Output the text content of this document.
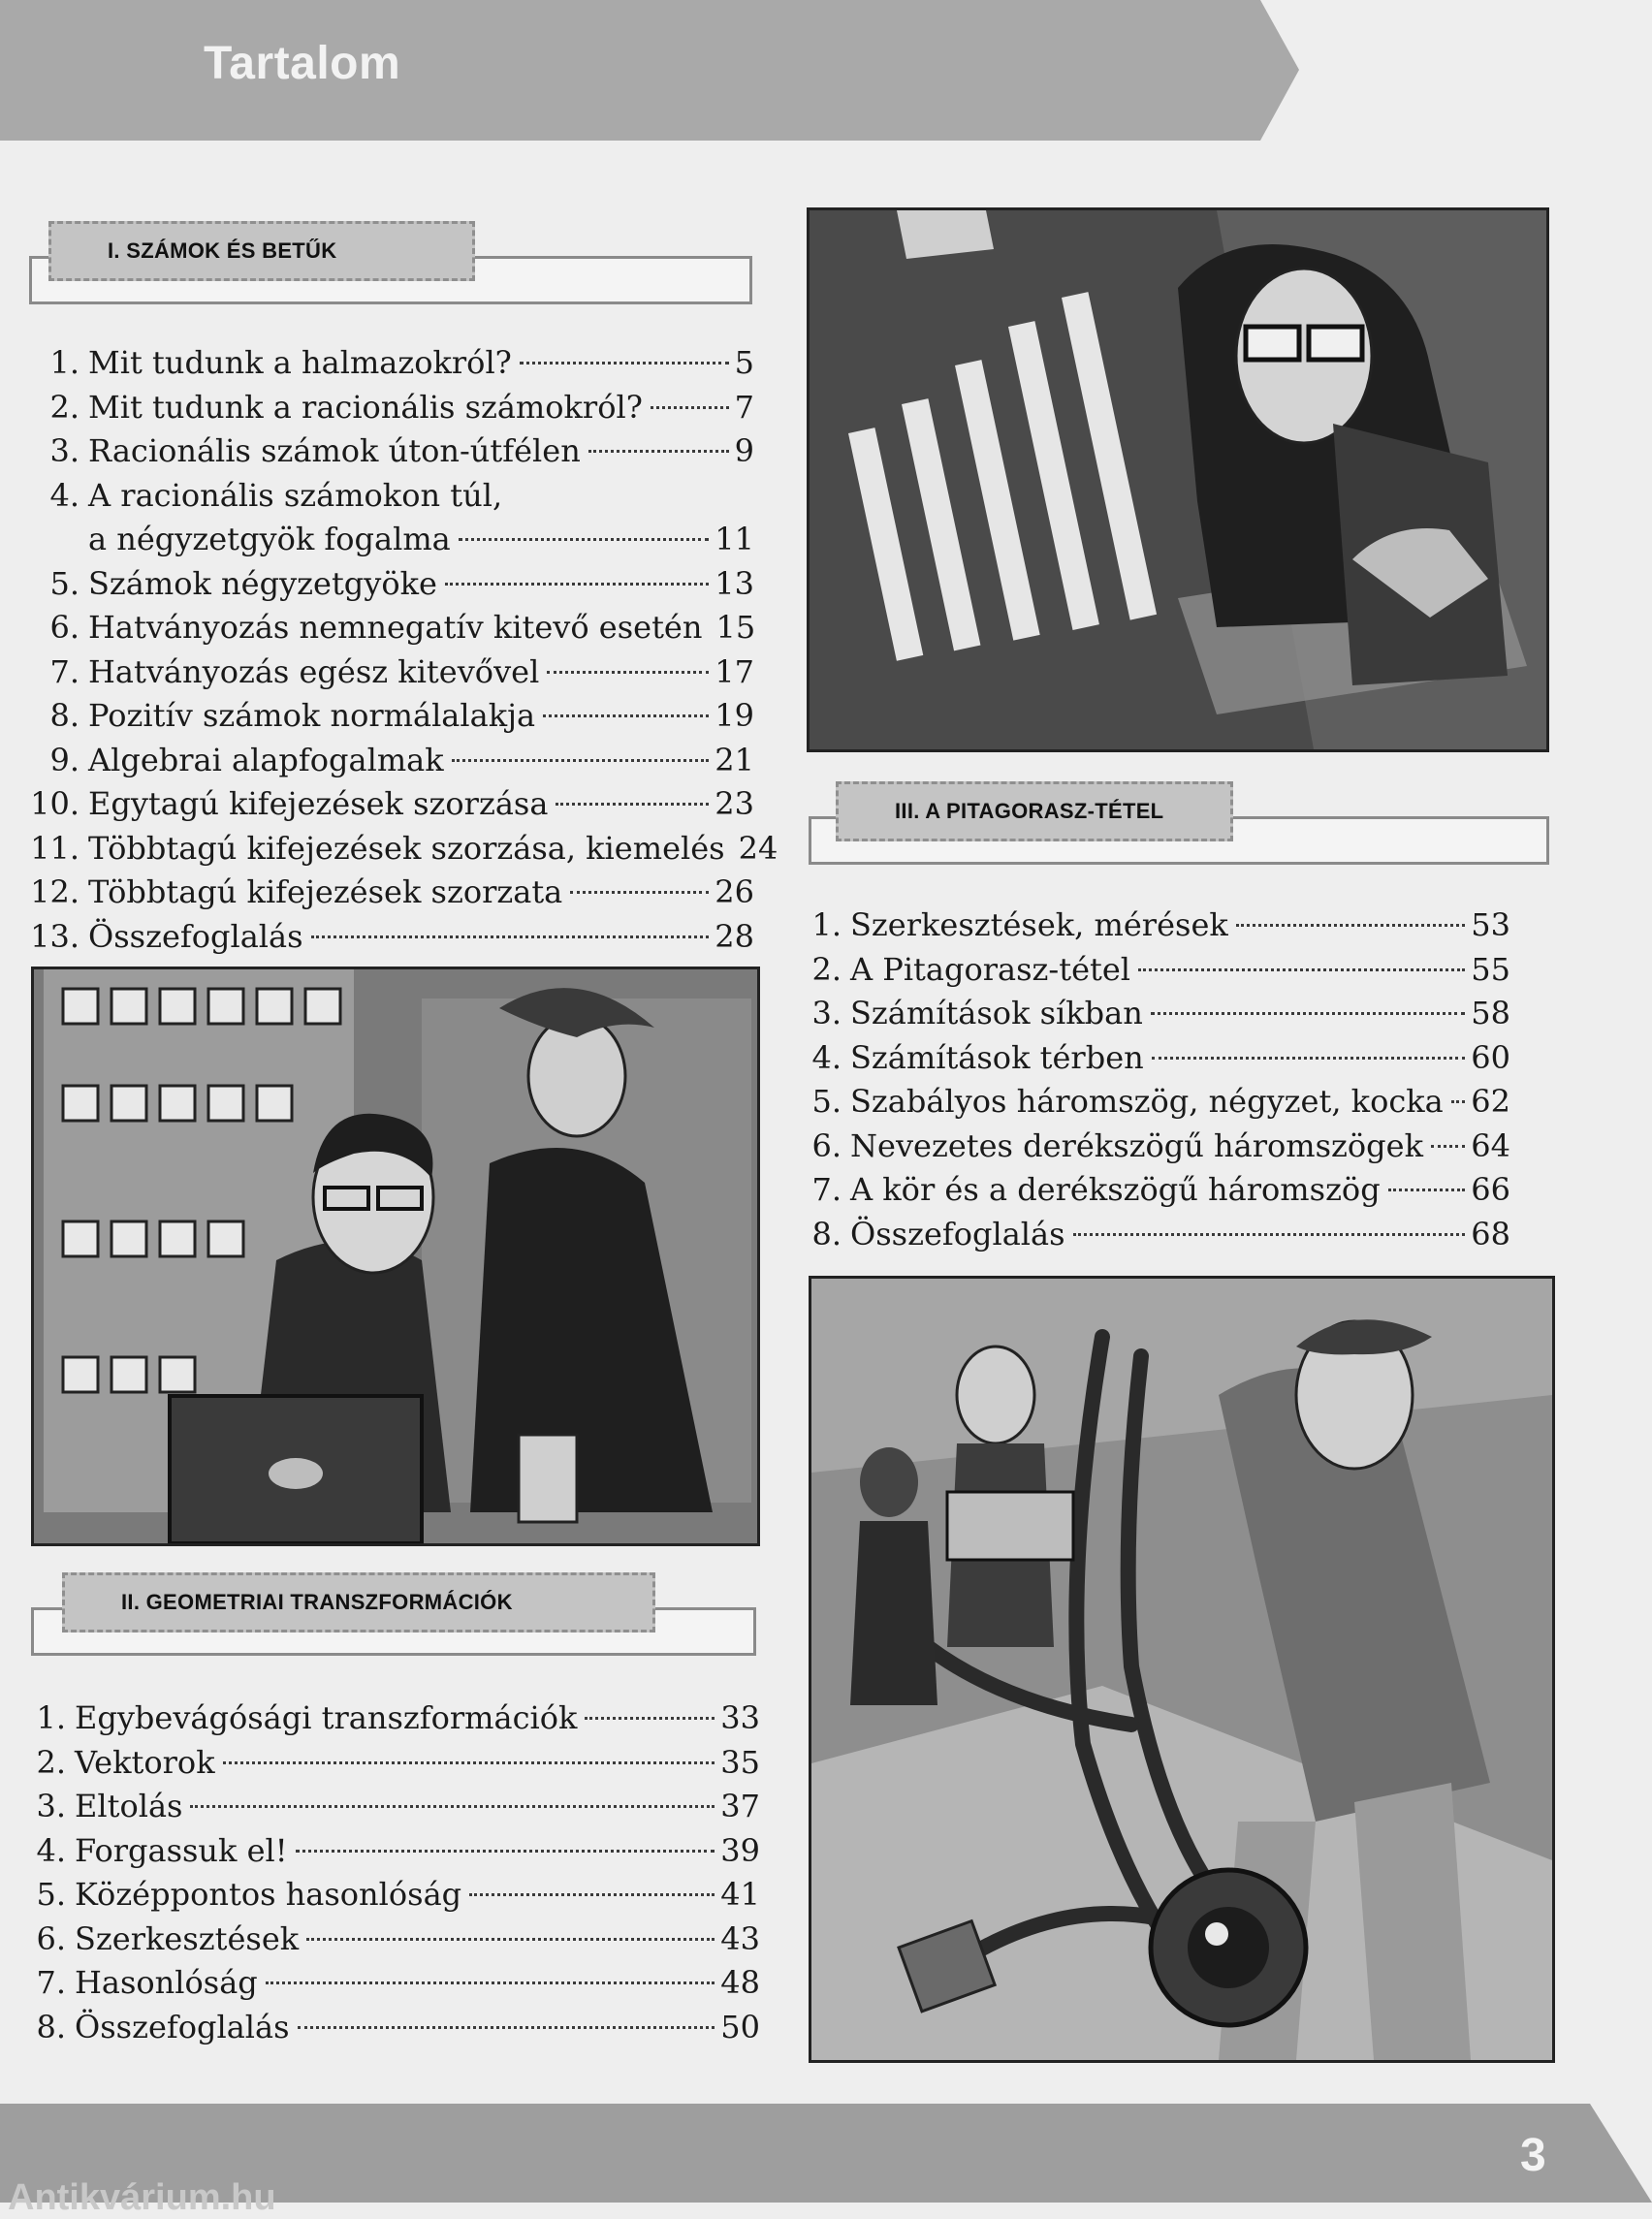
Tartalom
I. SZÁMOK ÉS BETŰK
1. Mit tudunk a halmazokról?	5
2. Mit tudunk a racionális számokról?	7
3. Racionális számok úton-útfélen	9
4. A racionális számokon túl,
a négyzetgyök fogalma	11
5. Számok négyzetgyöke	13
6. Hatványozás nemnegatív kitevő esetén 15
7. Hatványozás egész kitevővel	17
8. Pozitív számok normálalakja	19
9. Algebrai alapfogalmak	21
10. Egytagú kifejezések szorzása	23
11. Többtagú kifejezések szorzása, kiemelés 24
12. Többtagú kifejezések szorzata	26
13. Összefoglalás	28
II. GEOMETRIAI TRANSZFORMÁCIÓK
1. Egybevágósági transzformációk	33
2. Vektorok	35
3. Eltolás	37
4. Forgassuk el!	39
5. Középpontos hasonlóság	41
6. Szerkesztések	43
7. Hasonlóság	48
8. Összefoglalás	50
III. A PITAGORASZ-TÉTEL
1. Szerkesztések, mérések	53
2. A Pitagorasz-tétel	55
3. Számítások síkban	58
4. Számítások térben	60
5. Szabályos háromszög, négyzet, kocka 62
6. Nevezetes derékszögű háromszögek 64
7. A kör és a derékszögű háromszög	66
8. Összefoglalás	68
3
Antikvárium.hu
